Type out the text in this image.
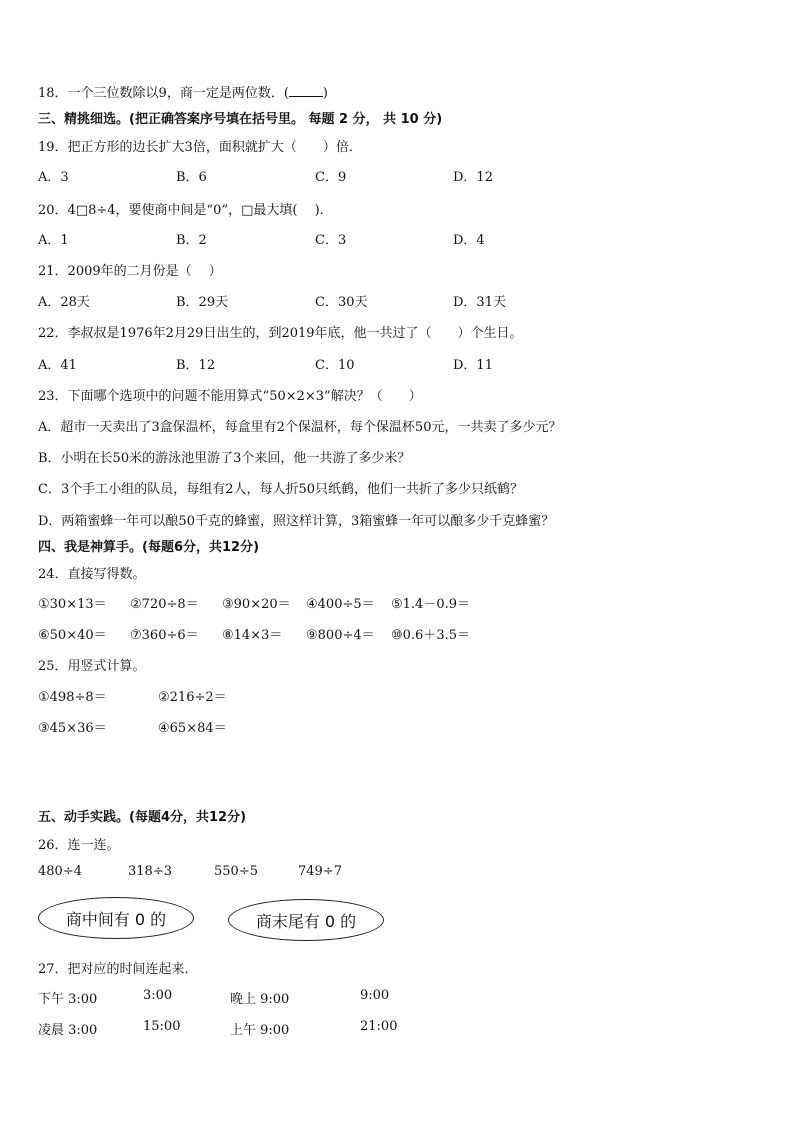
18．一个三位数除以9，商一定是两位数．(	)
三、精挑细选。(把正确答案序号填在括号里。 每题 2 分， 共 10 分)
19．把正方形的边长扩大3倍，面积就扩大（　　）倍．
A．3	B．6	C．9	D．12
20．4□8÷4，要使商中间是“0”，□最大填(　 ).
A．1	B．2	C．3	D．4
21．2009年的二月份是（　 ）
A．28天	B．29天	C．30天	D．31天
22．李叔叔是1976年2月29日出生的，到2019年底，他一共过了（　　）个生日。
A．41	B．12	C．10	D．11
23．下面哪个选项中的问题不能用算式“50×2×3”解决？（　　）
A．超市一天卖出了3盒保温杯，每盒里有2个保温杯，每个保温杯50元，一共卖了多少元？
B．小明在长50米的游泳池里游了3个来回，他一共游了多少米？
C．3个手工小组的队员，每组有2人，每人折50只纸鹤，他们一共折了多少只纸鹤？
D．两箱蜜蜂一年可以酿50千克的蜂蜜，照这样计算，3箱蜜蜂一年可以酿多少千克蜂蜜？
四、我是神算手。(每题6分，共12分)
24．直接写得数。
①30×13＝ ②720÷8＝ ③90×20＝ ④400÷5＝ ⑤1.4－0.9＝
⑥50×40＝ ⑦360÷6＝ ⑧14×3＝ ⑨800÷4＝ ⑩0.6＋3.5＝
25．用竖式计算。
①498÷8＝	②216÷2＝
③45×36＝	④65×84＝
五、动手实践。(每题4分，共12分)
26．连一连。
480÷4	318÷3	550÷5	749÷7
商中间有 0 的	商末尾有 0 的
27．把对应的时间连起来．
下午 3:00	3:00	晚上 9:00	9:00
凌晨 3:00	15:00	上午 9:00	21:00
